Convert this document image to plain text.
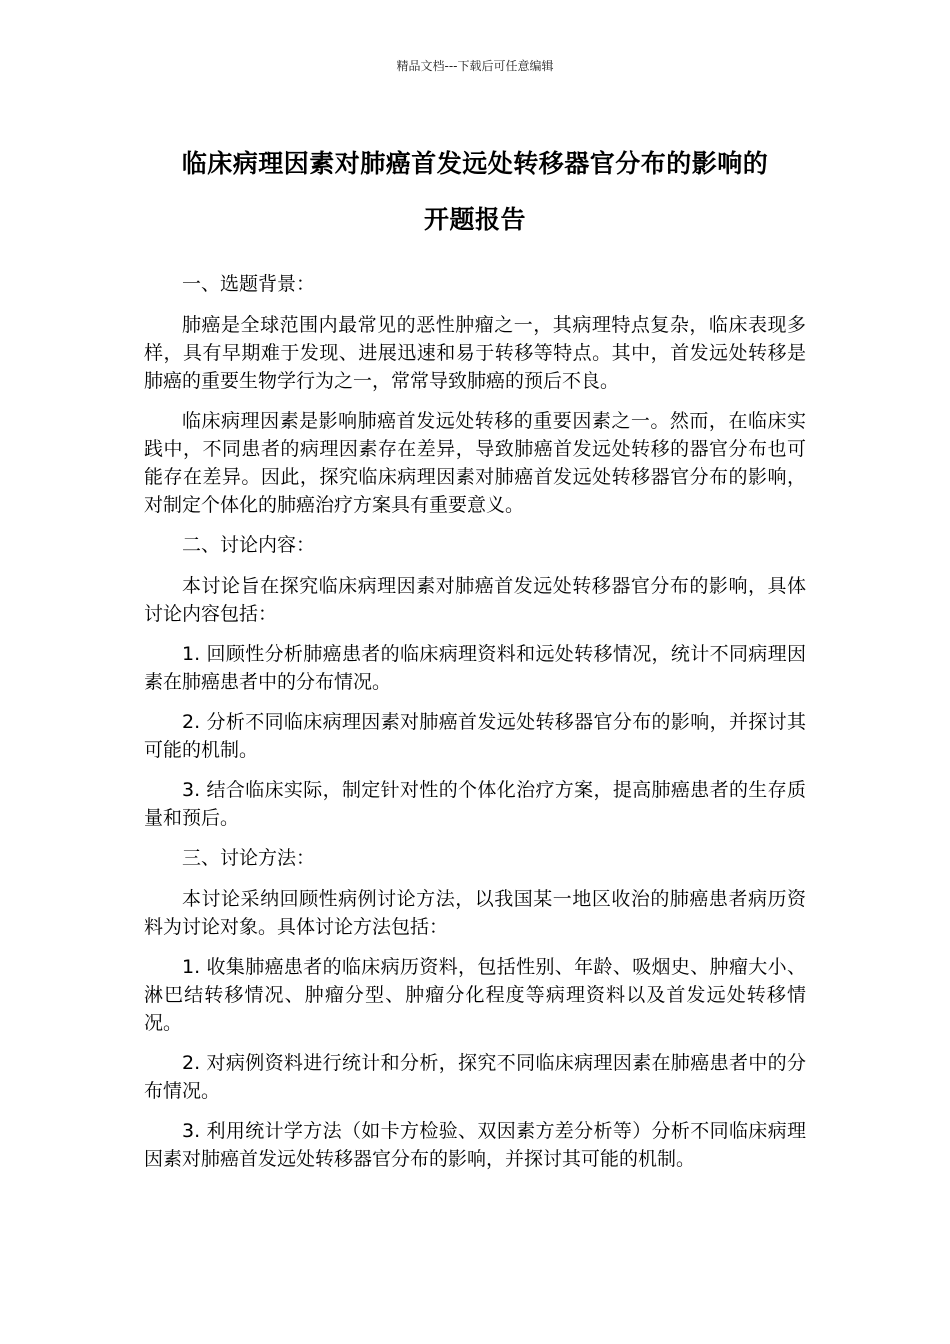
精品文档---下载后可任意编辑
临床病理因素对肺癌首发远处转移器官分布的影响的
开题报告

一、选题背景：

肺癌是全球范围内最常见的恶性肿瘤之一，其病理特点复杂，临床表现多样，具有早期难于发现、进展迅速和易于转移等特点。其中，首发远处转移是肺癌的重要生物学行为之一，常常导致肺癌的预后不良。

临床病理因素是影响肺癌首发远处转移的重要因素之一。然而，在临床实践中，不同患者的病理因素存在差异，导致肺癌首发远处转移的器官分布也可能存在差异。因此，探究临床病理因素对肺癌首发远处转移器官分布的影响，对制定个体化的肺癌治疗方案具有重要意义。

二、讨论内容：

本讨论旨在探究临床病理因素对肺癌首发远处转移器官分布的影响，具体讨论内容包括：

1. 回顾性分析肺癌患者的临床病理资料和远处转移情况，统计不同病理因素在肺癌患者中的分布情况。

2. 分析不同临床病理因素对肺癌首发远处转移器官分布的影响，并探讨其可能的机制。

3. 结合临床实际，制定针对性的个体化治疗方案，提高肺癌患者的生存质量和预后。

三、讨论方法：

本讨论采纳回顾性病例讨论方法，以我国某一地区收治的肺癌患者病历资料为讨论对象。具体讨论方法包括：

1. 收集肺癌患者的临床病历资料，包括性别、年龄、吸烟史、肿瘤大小、淋巴结转移情况、肿瘤分型、肿瘤分化程度等病理资料以及首发远处转移情况。

2. 对病例资料进行统计和分析，探究不同临床病理因素在肺癌患者中的分布情况。

3. 利用统计学方法（如卡方检验、双因素方差分析等）分析不同临床病理因素对肺癌首发远处转移器官分布的影响，并探讨其可能的机制。
